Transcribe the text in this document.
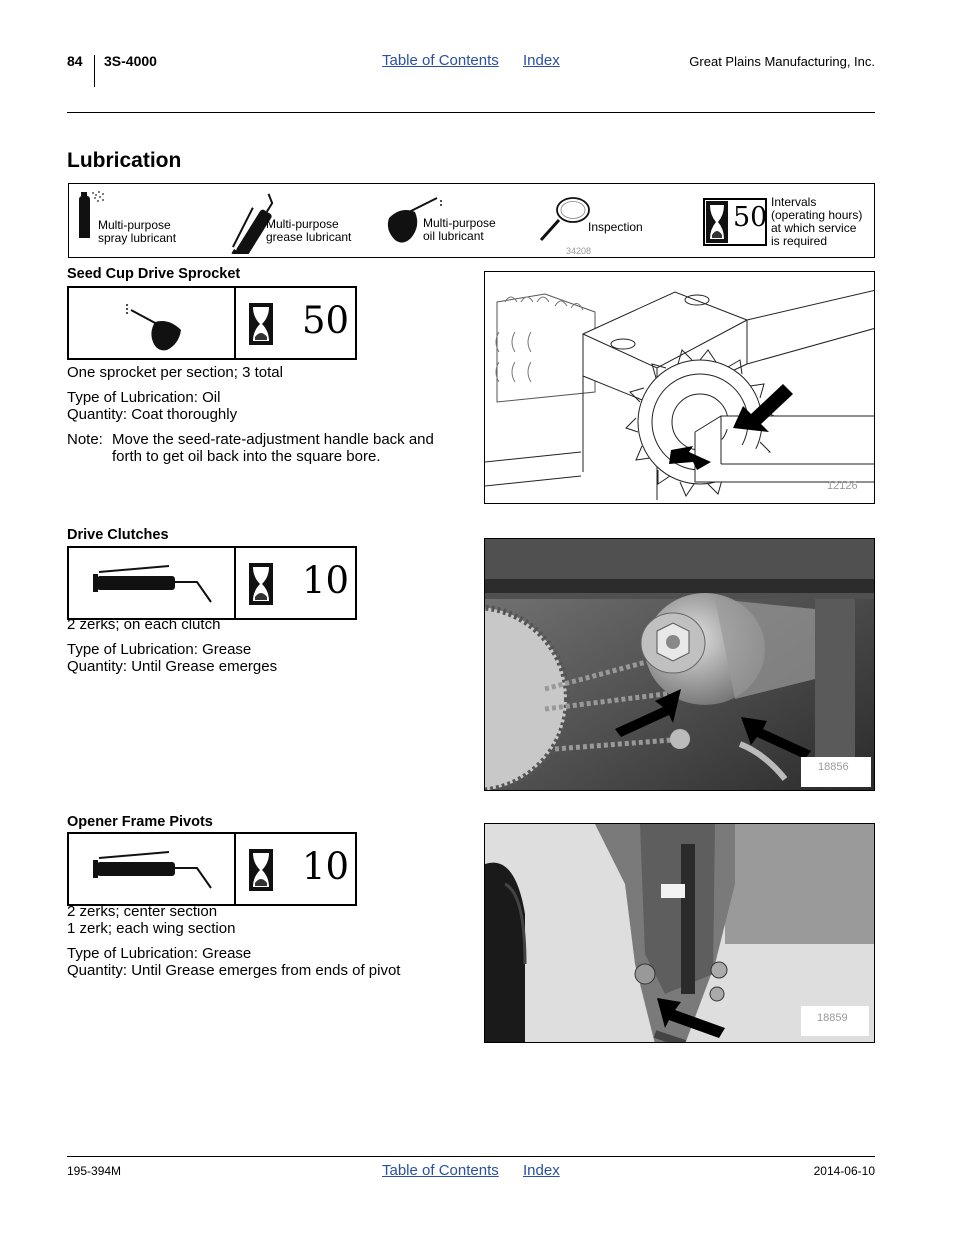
84 3S-4000	Table of Contents Index	Great Plains Manufacturing, Inc.
Lubrication
Multi-purpose
spray lubricant
Multi-purpose
grease lubricant
Multi-purpose
oil lubricant
Inspection
34208
50 Intervals
(operating hours)
at which service
is required
Seed Cup Drive Sprocket
50
One sprocket per section; 3 total
Type of Lubrication: Oil
Quantity: Coat thoroughly
Note: Move the seed-rate-adjustment handle back and
forth to get oil back into the square bore.
12126
Drive Clutches
10
2 zerks; on each clutch
Type of Lubrication: Grease
Quantity: Until Grease emerges
18856
Opener Frame Pivots
10
2 zerks; center section
1 zerk; each wing section
Type of Lubrication: Grease
Quantity: Until Grease emerges from ends of pivot
18859
195-394M	Table of Contents Index	2014-06-10
